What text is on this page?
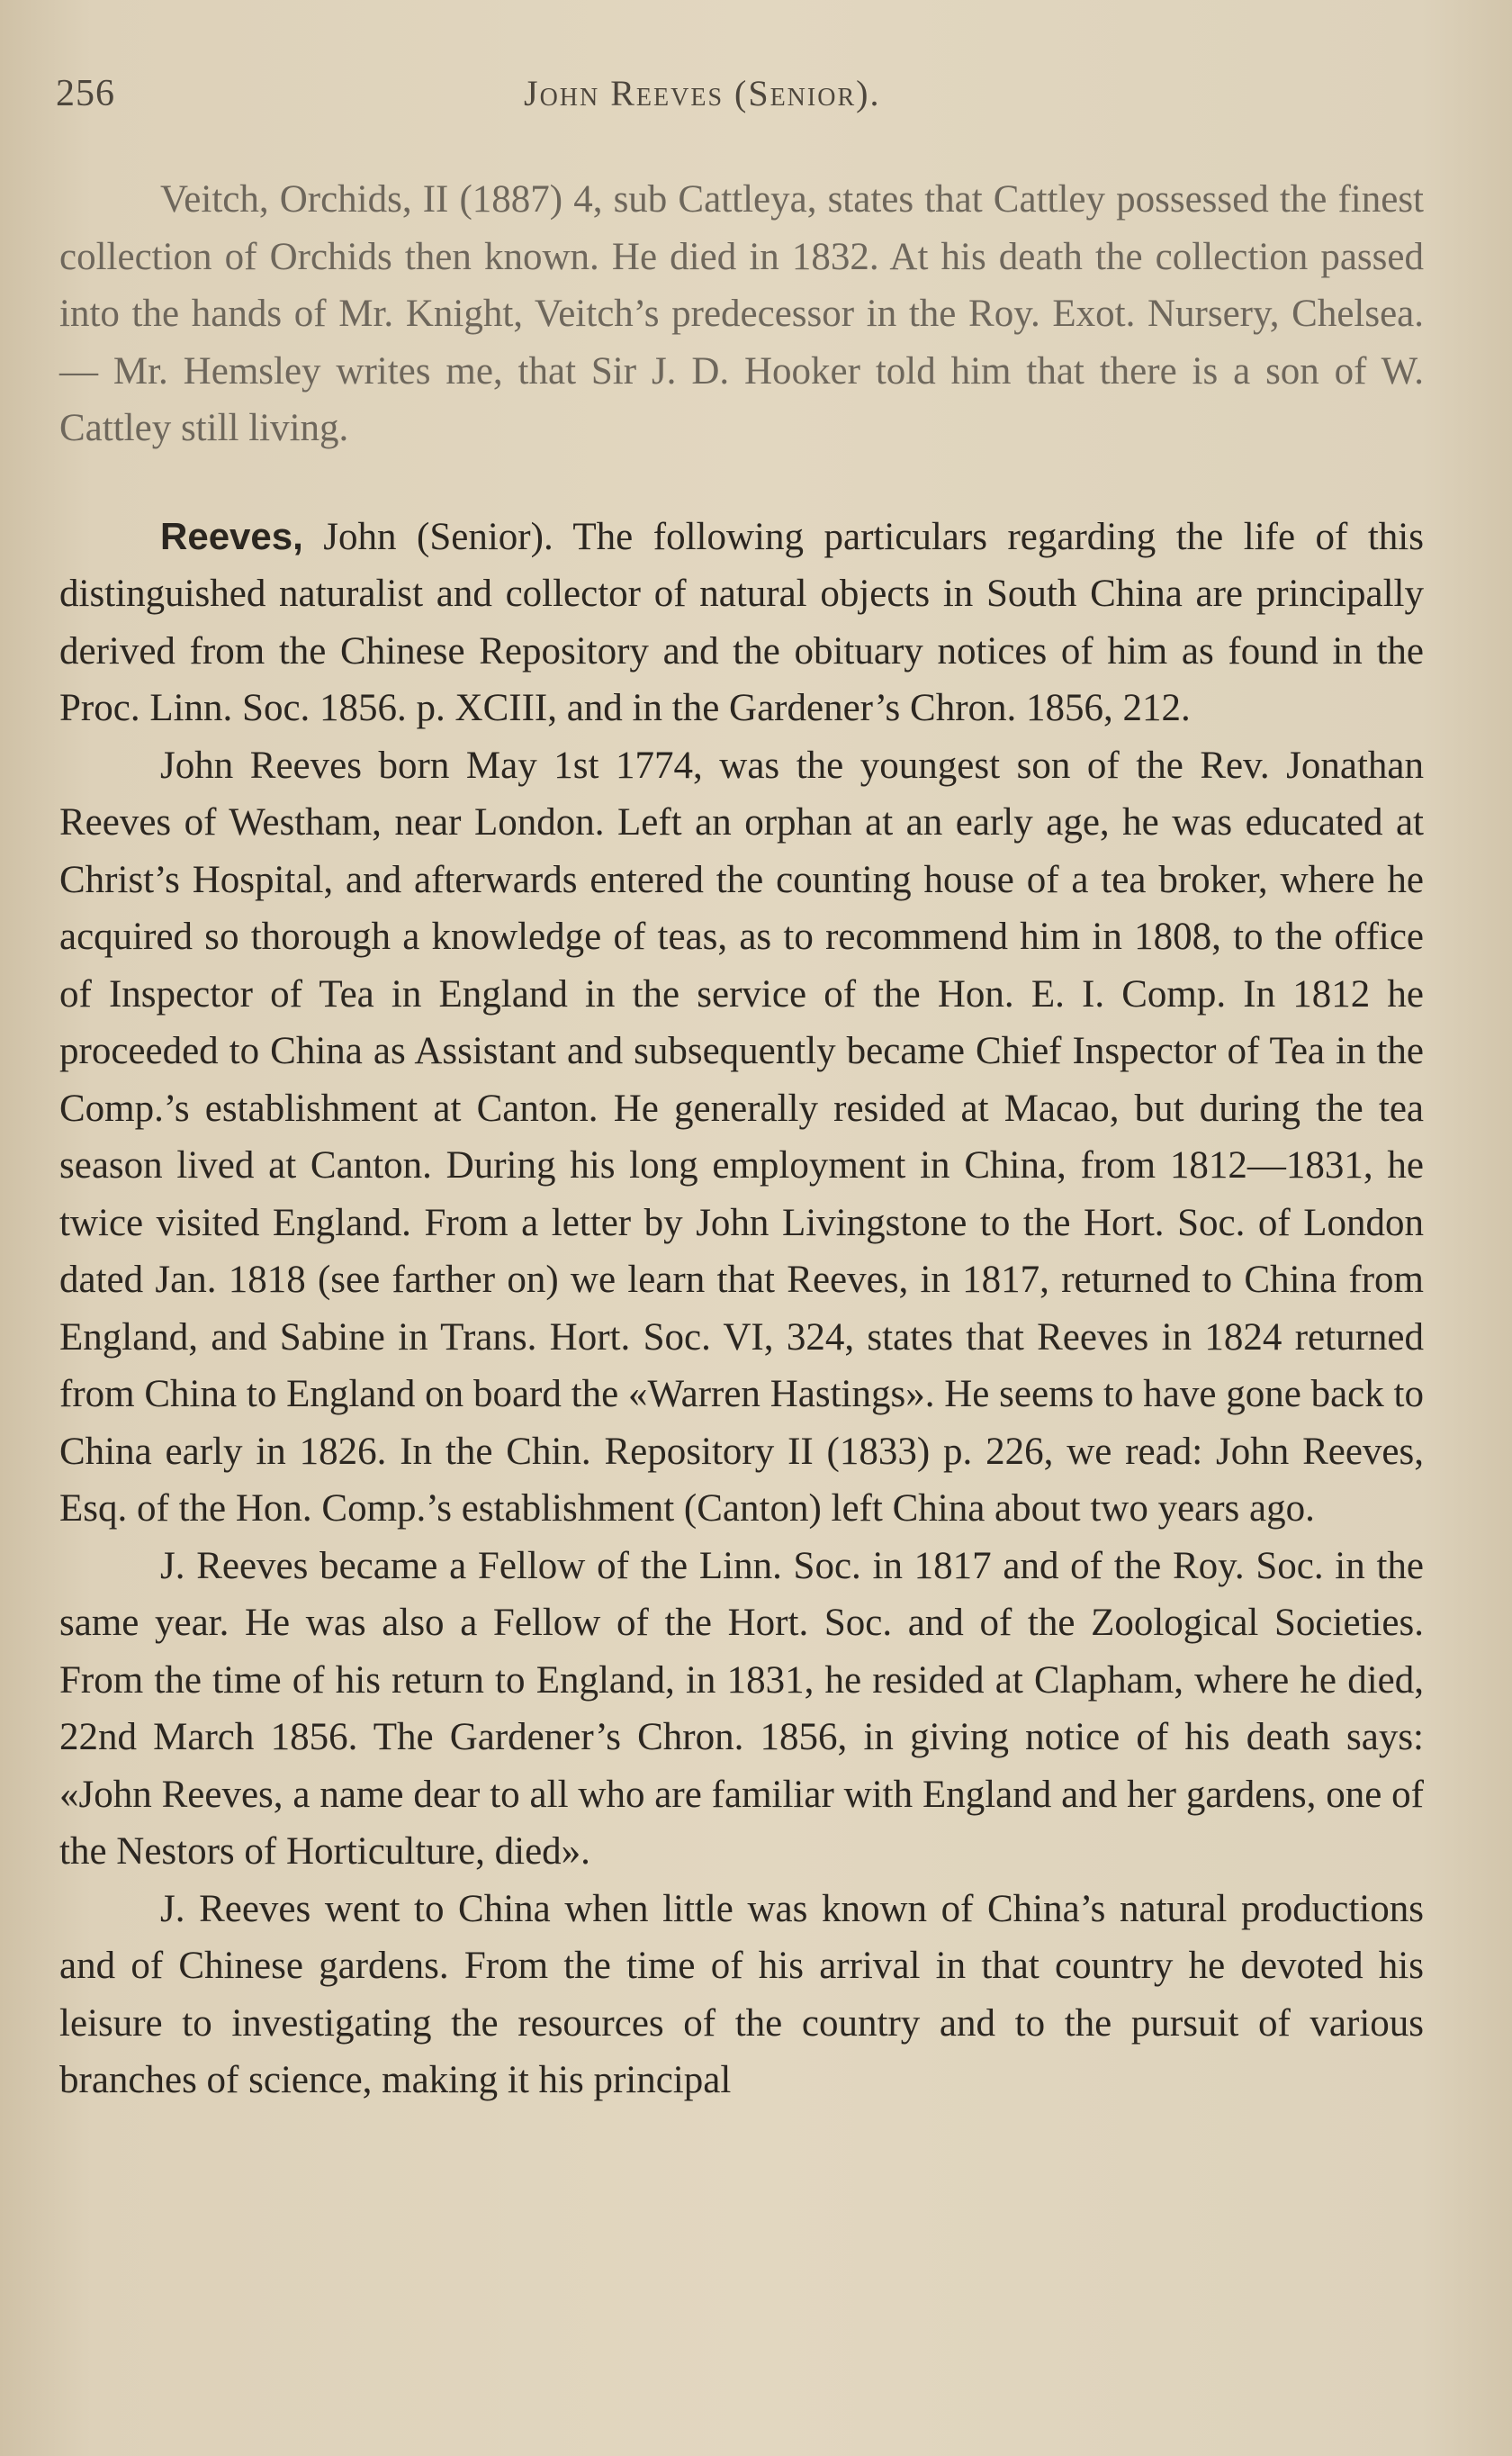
256	John Reeves (Senior).

Veitch, Orchids, II (1887) 4, sub Cattleya, states that Cattley possessed the finest collection of Orchids then known. He died in 1832. At his death the collection passed into the hands of Mr. Knight, Veitch’s predecessor in the Roy. Exot. Nursery, Chelsea. — Mr. Hemsley writes me, that Sir J. D. Hooker told him that there is a son of W. Cattley still living.

Reeves, John (Senior). The following particulars regarding the life of this distinguished naturalist and collector of natural objects in South China are principally derived from the Chinese Repository and the obituary notices of him as found in the Proc. Linn. Soc. 1856. p. XCIII, and in the Gardener’s Chron. 1856, 212.

John Reeves born May 1st 1774, was the youngest son of the Rev. Jonathan Reeves of Westham, near London. Left an orphan at an early age, he was educated at Christ’s Hospital, and afterwards entered the counting house of a tea broker, where he acquired so thorough a knowledge of teas, as to recommend him in 1808, to the office of Inspector of Tea in England in the service of the Hon. E. I. Comp. In 1812 he proceeded to China as Assistant and subsequently became Chief Inspector of Tea in the Comp.’s establishment at Canton. He generally resided at Macao, but during the tea season lived at Canton. During his long employment in China, from 1812—1831, he twice visited England. From a letter by John Livingstone to the Hort. Soc. of London dated Jan. 1818 (see farther on) we learn that Reeves, in 1817, returned to China from England, and Sabine in Trans. Hort. Soc. VI, 324, states that Reeves in 1824 returned from China to England on board the «Warren Hastings». He seems to have gone back to China early in 1826. In the Chin. Repository II (1833) p. 226, we read: John Reeves, Esq. of the Hon. Comp.’s establishment (Canton) left China about two years ago.

J. Reeves became a Fellow of the Linn. Soc. in 1817 and of the Roy. Soc. in the same year. He was also a Fellow of the Hort. Soc. and of the Zoological Societies. From the time of his return to England, in 1831, he resided at Clapham, where he died, 22nd March 1856. The Gardener’s Chron. 1856, in giving notice of his death says: «John Reeves, a name dear to all who are familiar with England and her gardens, one of the Nestors of Horticulture, died».

J. Reeves went to China when little was known of China’s natural productions and of Chinese gardens. From the time of his arrival in that country he devoted his leisure to investigating the resources of the country and to the pursuit of various branches of science, making it his principal
